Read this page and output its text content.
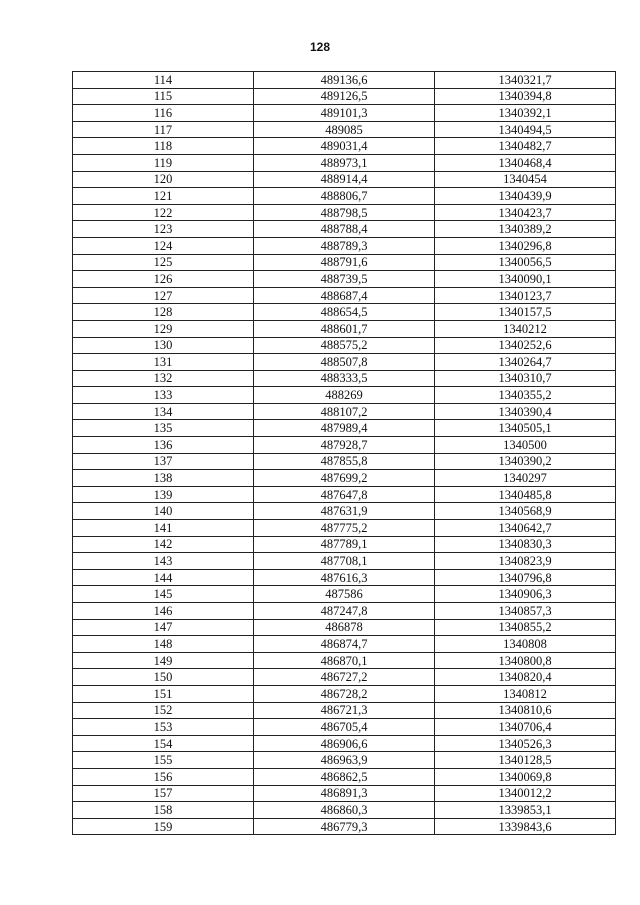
128
114	489136,6	1340321,7
115	489126,5	1340394,8
116	489101,3	1340392,1
117	489085	1340494,5
118	489031,4	1340482,7
119	488973,1	1340468,4
120	488914,4	1340454
121	488806,7	1340439,9
122	488798,5	1340423,7
123	488788,4	1340389,2
124	488789,3	1340296,8
125	488791,6	1340056,5
126	488739,5	1340090,1
127	488687,4	1340123,7
128	488654,5	1340157,5
129	488601,7	1340212
130	488575,2	1340252,6
131	488507,8	1340264,7
132	488333,5	1340310,7
133	488269	1340355,2
134	488107,2	1340390,4
135	487989,4	1340505,1
136	487928,7	1340500
137	487855,8	1340390,2
138	487699,2	1340297
139	487647,8	1340485,8
140	487631,9	1340568,9
141	487775,2	1340642,7
142	487789,1	1340830,3
143	487708,1	1340823,9
144	487616,3	1340796,8
145	487586	1340906,3
146	487247,8	1340857,3
147	486878	1340855,2
148	486874,7	1340808
149	486870,1	1340800,8
150	486727,2	1340820,4
151	486728,2	1340812
152	486721,3	1340810,6
153	486705,4	1340706,4
154	486906,6	1340526,3
155	486963,9	1340128,5
156	486862,5	1340069,8
157	486891,3	1340012,2
158	486860,3	1339853,1
159	486779,3	1339843,6
